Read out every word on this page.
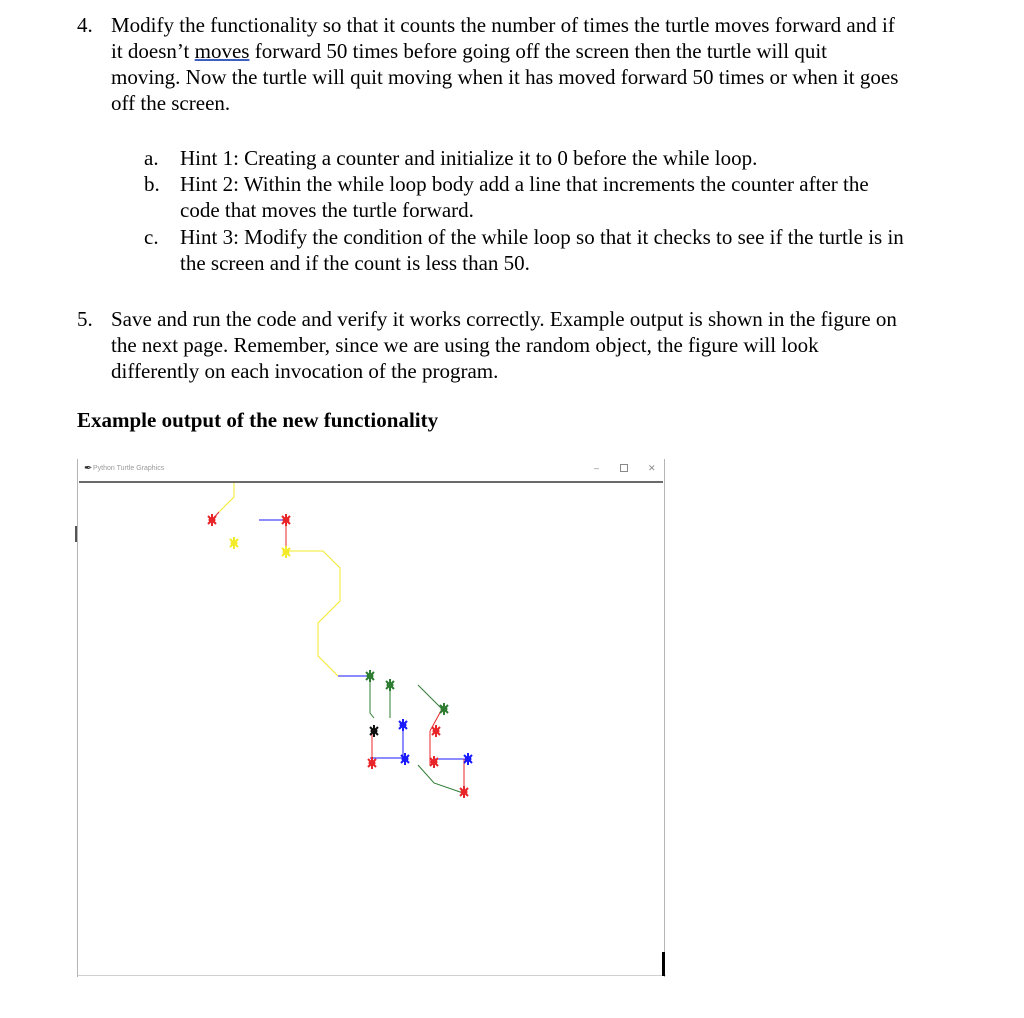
4. Modify the functionality so that it counts the number of times the turtle moves forward and if
it doesn’t moves forward 50 times before going off the screen then the turtle will quit
moving. Now the turtle will quit moving when it has moved forward 50 times or when it goes
off the screen.
a. Hint 1: Creating a counter and initialize it to 0 before the while loop.
b. Hint 2: Within the while loop body add a line that increments the counter after the
code that moves the turtle forward.
c. Hint 3: Modify the condition of the while loop so that it checks to see if the turtle is in
the screen and if the count is less than 50.
5. Save and run the code and verify it works correctly. Example output is shown in the figure on
the next page. Remember, since we are using the random object, the figure will look
differently on each invocation of the program.
Example output of the new functionality
✒ Python Turtle Graphics	–	✕
